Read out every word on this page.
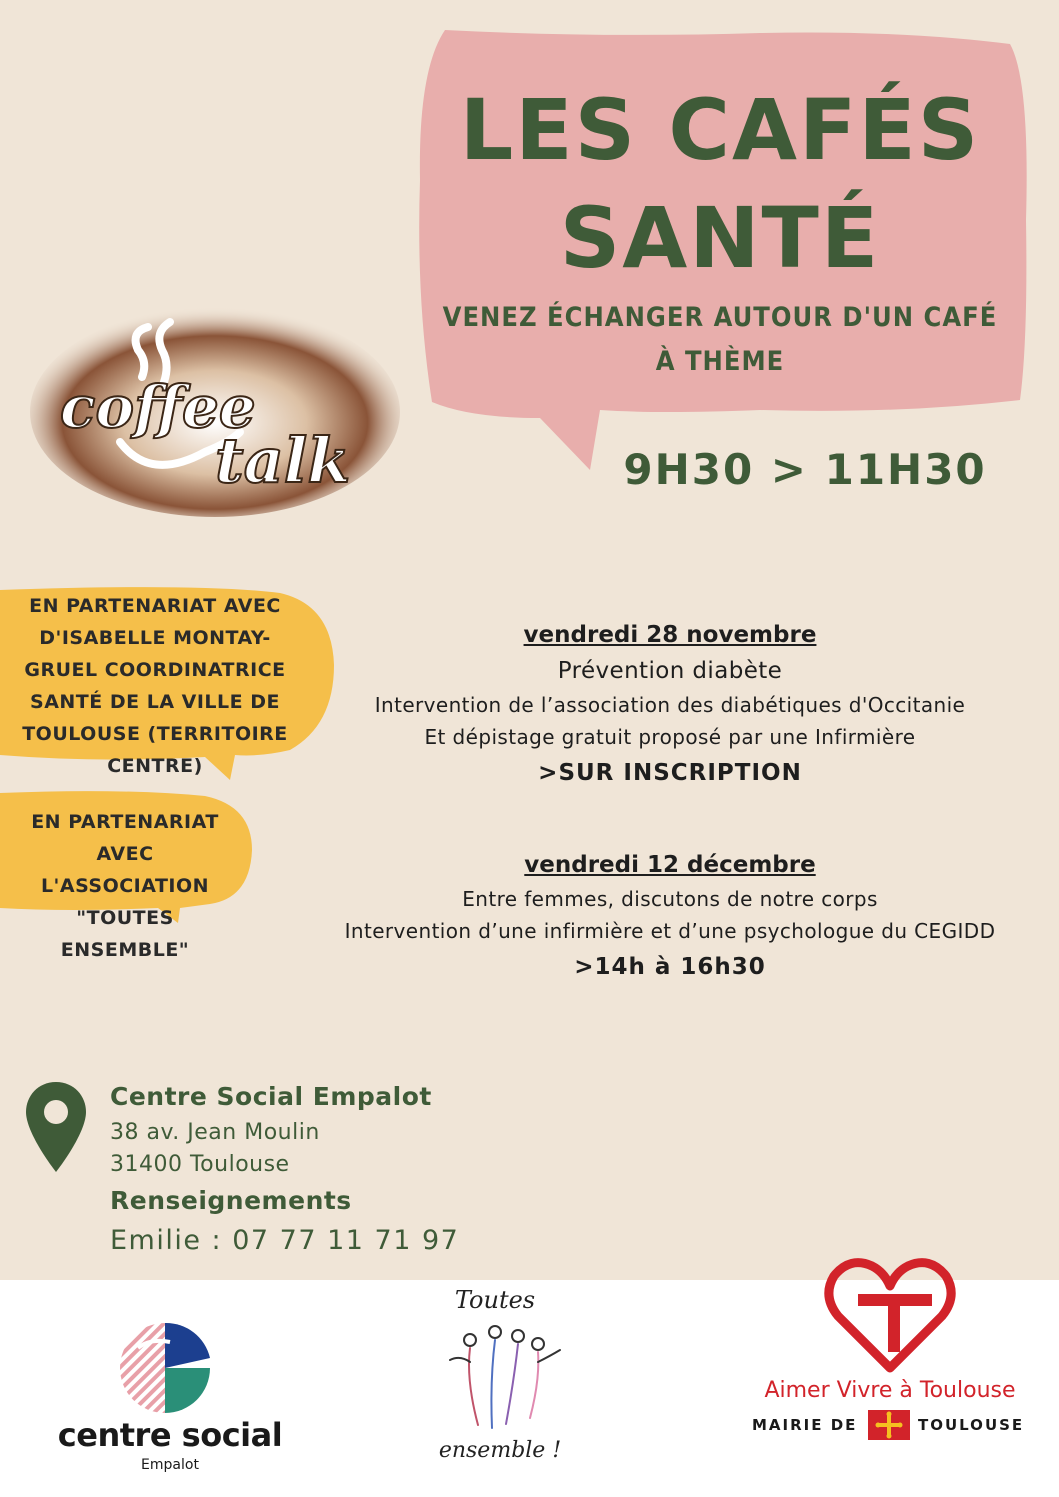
LES CAFÉS
SANTÉ
VENEZ ÉCHANGER AUTOUR D'UN CAFÉ À THÈME
9H30 > 11H30
coffee
talk
EN PARTENARIAT AVEC D'ISABELLE MONTAY-GRUEL COORDINATRICE SANTÉ DE LA VILLE DE TOULOUSE (TERRITOIRE CENTRE)
EN PARTENARIAT AVEC L'ASSOCIATION "TOUTES ENSEMBLE"
vendredi 28 novembre
Prévention diabète
Intervention de l’association des diabétiques d'Occitanie
Et dépistage gratuit proposé par une Infirmière
>SUR INSCRIPTION
vendredi 12 décembre
Entre femmes, discutons de notre corps
Intervention d’une infirmière et d’une psychologue du CEGIDD
>14h à 16h30
Centre Social Empalot
38 av. Jean Moulin
31400 Toulouse
Renseignements
Emilie : 07 77 11 71 97
centre social
Empalot
Toutes
ensemble !
Aimer Vivre à Toulouse
MAIRIE DE	TOULOUSE
